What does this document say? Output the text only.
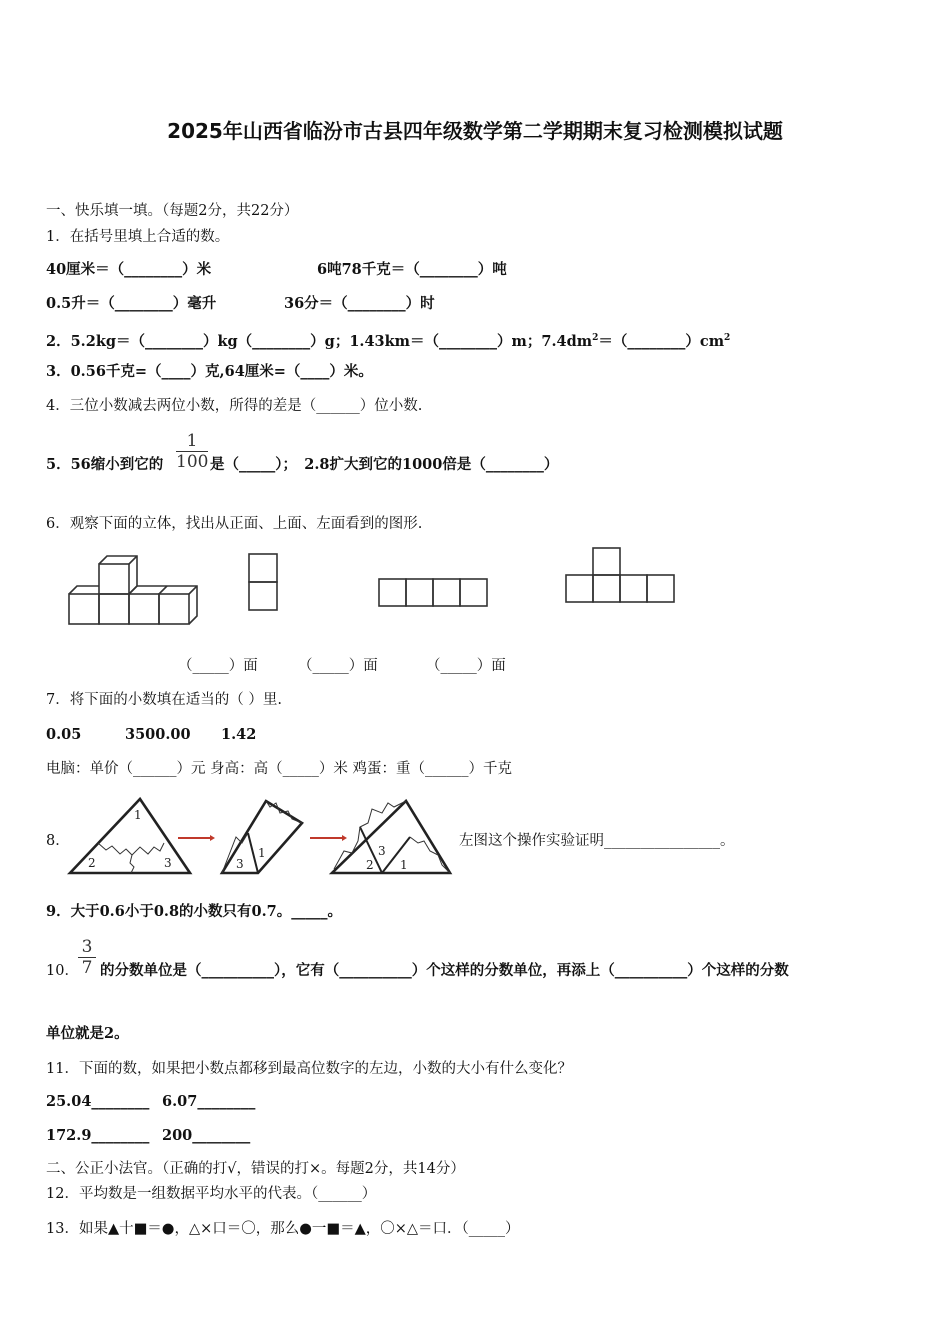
2025年山西省临汾市古县四年级数学第二学期期末复习检测模拟试题
一、快乐填一填。（每题2分，共22分）
1．在括号里填上合适的数。
40厘米＝（________）米	6吨78千克＝（________）吨
0.5升＝（________）毫升	36分＝（________）时
2．5.2kg＝（________）kg（________）g；1.43km＝（________）m；$7.4dm^2=(\_\_\_\_\_\_\_\_)cm^2$
3．0.56千克=（____）克,64厘米=（____）米。
4．三位小数减去两位小数，所得的差是（______）位小数.
5．56缩小到它的
1
100 是（_____）；　2.8扩大到它的1000倍是（________）
6．观察下面的立体，找出从正面、上面、左面看到的图形.
（_____）面	（_____）面	（_____）面
7．将下面的小数填在适当的（ ）里.
0.05	3500.00 1.42
电脑：单价（______）元 身高：高（_____）米 鸡蛋：重（______）千克
8．
1
2	3	3
1
2
3
1
左图这个操作实验证明________________。
9．大于0.6小于0.8的小数只有0.7。_____。
10．
3
7 的分数单位是（__________），它有（__________）个这样的分数单位，再添上（__________）个这样的分数
单位就是2。
11．下面的数，如果把小数点都移到最高位数字的左边，小数的大小有什么变化？
25.04________ 6.07________
172.9________ 200________
二、公正小法官。（正确的打√，错误的打×。每题2分，共14分）
12．平均数是一组数据平均水平的代表。（______）
13．如果▲十■＝●，△×口＝〇，那么●一■＝▲，〇×△＝口．（_____）
